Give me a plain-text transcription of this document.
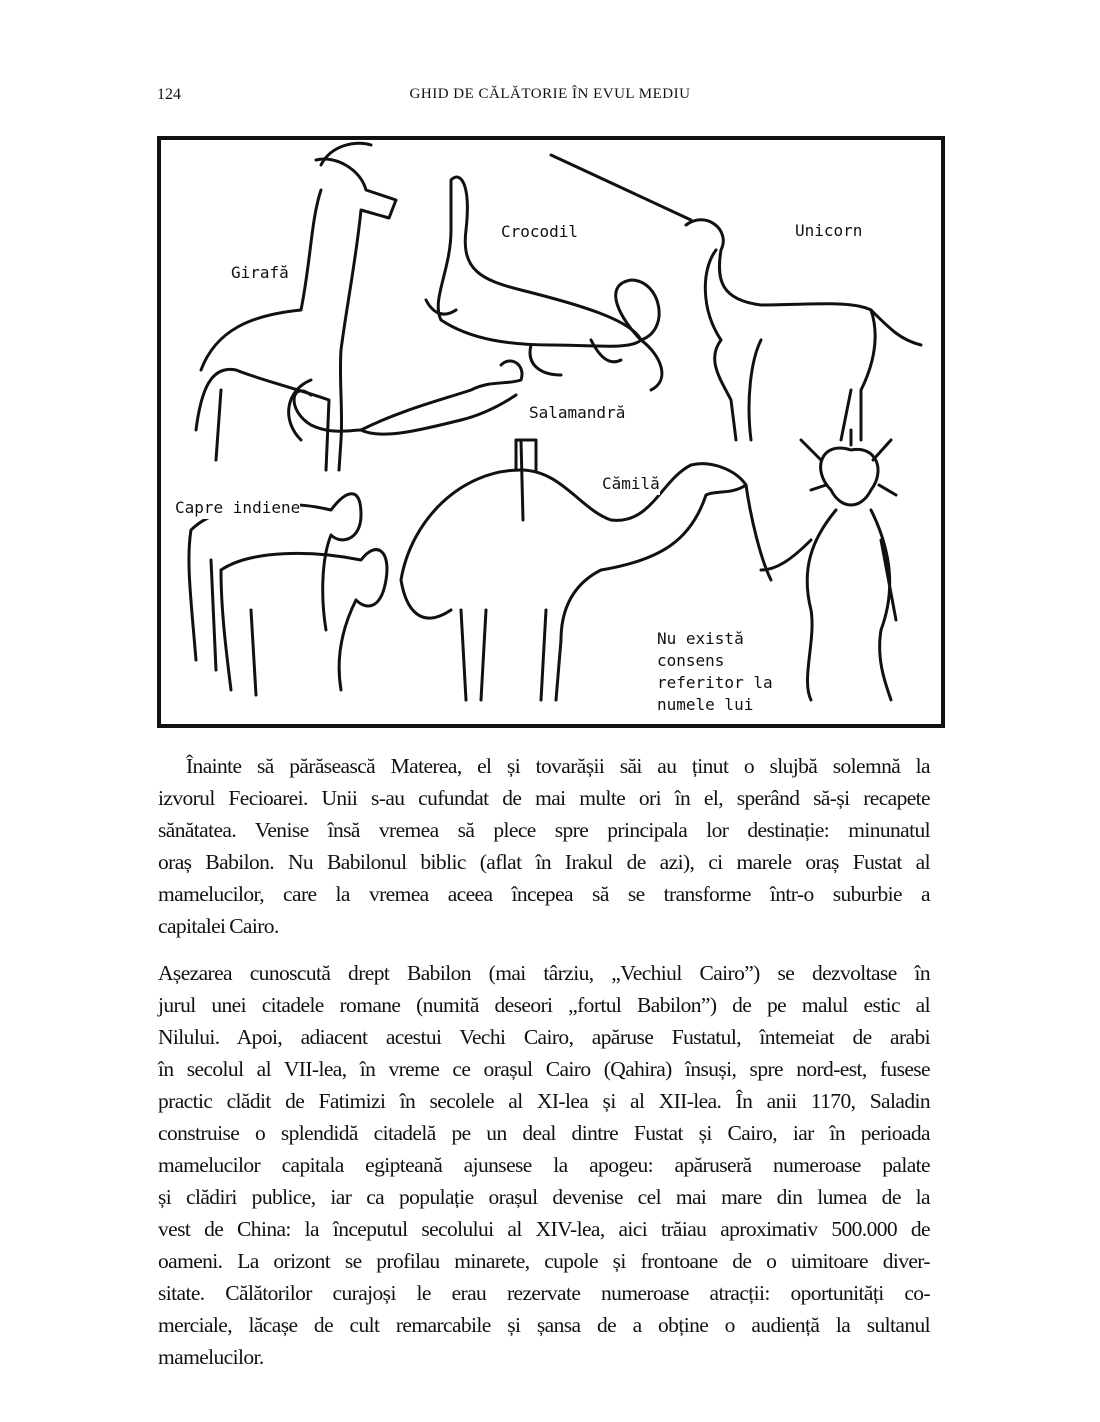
124	GHID DE CĂLĂTORIE ÎN EVUL MEDIU
Girafă
Crocodil	Unicorn
Salamandră
Cămilă
Capre indiene
Nu există
consens
referitor la
numele lui
Înainte să părăsească Materea, el și tovarășii săi au ținut o slujbă solemnă la
izvorul Fecioarei. Unii s-au cufundat de mai multe ori în el, sperând să-și recapete
sănătatea. Venise însă vremea să plece spre principala lor destinație: minunatul
oraș Babilon. Nu Babilonul biblic (aflat în Irakul de azi), ci marele oraș Fustat al
mamelucilor, care la vremea aceea începea să se transforme într-o suburbie a
capitalei Cairo.
Așezarea cunoscută drept Babilon (mai târziu, „Vechiul Cairo”) se dezvoltase în
jurul unei citadele romane (numită deseori „fortul Babilon”) de pe malul estic al
Nilului. Apoi, adiacent acestui Vechi Cairo, apăruse Fustatul, întemeiat de arabi
în secolul al VII-lea, în vreme ce orașul Cairo (Qahira) însuși, spre nord-est, fusese
practic clădit de Fatimizi în secolele al XI-lea și al XII-lea. În anii 1170, Saladin
construise o splendidă citadelă pe un deal dintre Fustat și Cairo, iar în perioada
mamelucilor capitala egipteană ajunsese la apogeu: apăruseră numeroase palate
și clădiri publice, iar ca populație orașul devenise cel mai mare din lumea de la
vest de China: la începutul secolului al XIV-lea, aici trăiau aproximativ 500.000 de
oameni. La orizont se profilau minarete, cupole și frontoane de o uimitoare diver-
sitate. Călătorilor curajoși le erau rezervate numeroase atracții: oportunități co-
merciale, lăcașe de cult remarcabile și șansa de a obține o audiență la sultanul
mamelucilor.
